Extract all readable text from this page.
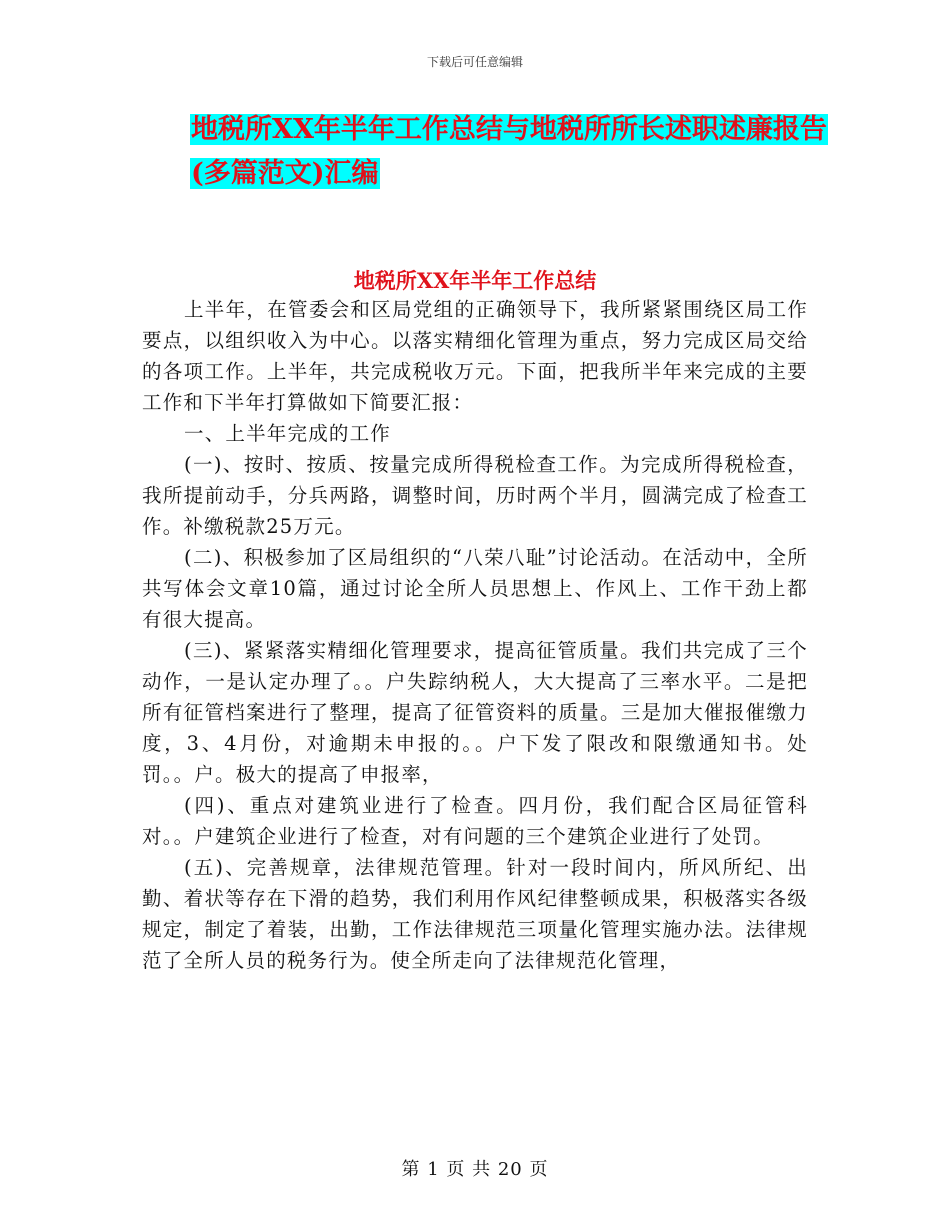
下载后可任意编辑
地税所XX年半年工作总结与地税所所长述职述廉报告
(多篇范文)汇编
地税所XX年半年工作总结

上半年，在管委会和区局党组的正确领导下，我所紧紧围绕区局工作要点，以组织收入为中心。以落实精细化管理为重点，努力完成区局交给的各项工作。上半年，共完成税收万元。下面，把我所半年来完成的主要工作和下半年打算做如下简要汇报：

一、上半年完成的工作

(一)、按时、按质、按量完成所得税检查工作。为完成所得税检查，我所提前动手，分兵两路，调整时间，历时两个半月，圆满完成了检查工作。补缴税款25万元。

(二)、积极参加了区局组织的“八荣八耻”讨论活动。在活动中，全所共写体会文章10篇，通过讨论全所人员思想上、作风上、工作干劲上都有很大提高。

(三)、紧紧落实精细化管理要求，提高征管质量。我们共完成了三个动作，一是认定办理了。。户失踪纳税人，大大提高了三率水平。二是把所有征管档案进行了整理，提高了征管资料的质量。三是加大催报催缴力度，3、4月份，对逾期未申报的。。户下发了限改和限缴通知书。处罚。。户。极大的提高了申报率，

(四)、重点对建筑业进行了检查。四月份，我们配合区局征管科对。。户建筑企业进行了检查，对有问题的三个建筑企业进行了处罚。

(五)、完善规章，法律规范管理。针对一段时间内，所风所纪、出勤、着状等存在下滑的趋势，我们利用作风纪律整顿成果，积极落实各级规定，制定了着装，出勤，工作法律规范三项量化管理实施办法。法律规范了全所人员的税务行为。使全所走向了法律规范化管理，

第 1 页 共 20 页
